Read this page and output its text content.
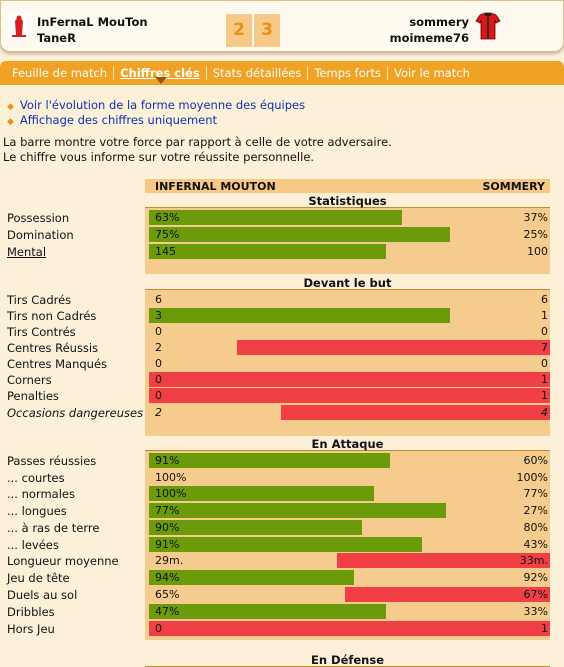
InFernaL MouTon
TaneR	2 3	sommery
moimeme76
Feuille de match	Chiffres clés	Stats détaillées	Temps forts	Voir le match
◆ Voir l'évolution de la forme moyenne des équipes
◆ Affichage des chiffres uniquement
La barre montre votre force par rapport à celle de votre adversaire.
Le chiffre vous informe sur votre réussite personnelle.
INFERNAL MOUTON	SOMMERY
Statistiques
Possession	63%	37%
Domination	75%	25%
Mental	145	100
Devant le but
Tirs Cadrés	6	6
Tirs non Cadrés	3	1
Tirs Contrés	0	0
Centres Réussis	2	7
Centres Manqués	0	0
Corners	0	1
Penalties	0	1
Occasions dangereuses 2	4
En Attaque
Passes réussies	91%	60%
... courtes	100%	100%
... normales	100%	77%
... longues	77%	27%
... à ras de terre	90%	80%
... levées	91%	43%
Longueur moyenne	29m.	33m.
Jeu de tête	94%	92%
Duels au sol	65%	67%
Dribbles	47%	33%
Hors Jeu	0	1
En Défense
